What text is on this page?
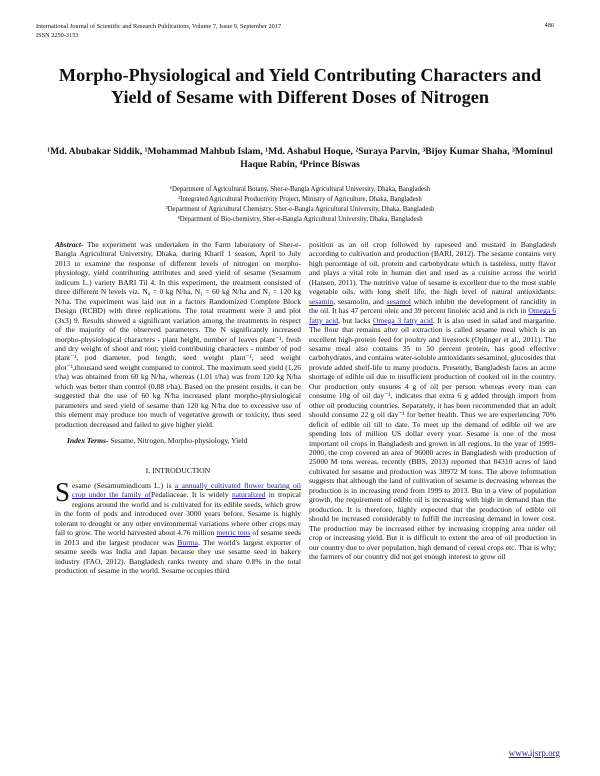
International Journal of Scientific and Research Publications, Volume 7, Issue 9, September 2017
ISSN 2250-3153
486
Morpho-Physiological and Yield Contributing Characters and Yield of Sesame with Different Doses of Nitrogen
¹Md. Abubakar Siddik, ¹Mohammad Mahbub Islam, ¹Md. Ashabul Hoque, ²Suraya Parvin, ³Bijoy Kumar Shaha, ³Mominul Haque Rabin, ⁴Prince Biswas
¹Department of Agricultural Botany, Sher-e-Bangla Agricultural University, Dhaka, Bangladesh
²Integrated Agricultural Productivity Project, Ministry of Agriculture, Dhaka, Bangladesh
³Department of Agricultural Chemistry, Sher-e-Bangla Agricultural University, Dhaka, Bangladesh
⁴Department of Bio-chemistry, Sher-e-Bangla Agricultural University, Dhaka, Bangladesh

Abstract- The experiment was undertaken in the Farm laboratory of Sher-e-Bangla Agricultural University, Dhaka, during Kharif 1 season, April to July 2013 to examine the response of different levels of nitrogen on morpho-physiology, yield contributing attributes and seed yield of sesame (Sesamum indicum L.) variety BARI Til 4. In this experiment, the treatment consisted of three different N levels viz. N₀ = 0 kg N/ha, N₁ = 60 kg N/ha and N₂ = 120 kg N/ha. The experiment was laid out in a factors Randomized Complete Block Design (RCBD) with three replications. The total treatment were 3 and plot (3x3) 9. Results showed a significant variation among the treatments in respect of the majority of the observed parameters. The N significantly increased morpho-physiological characters - plant height, number of leaves plant⁻¹, fresh and dry weight of shoot and root; yield contributing characters - number of pod plant⁻¹, pod diameter, pod length, seed weight plant⁻¹, seed weight plot⁻¹,thousand seed weight compared to control. The maximum seed yield (1.26 t/ha) was obtained from 60 kg N/ha, whereas (1.01 t/ha) was from 120 kg N/ha which was better than control (0.88 t/ha). Based on the present results, it can be suggested that the use of 60 kg N/ha increased plant morpho-physiological parameters and seed yield of sesame than 120 kg N/ha due to excessive use of this element may produce too much of vegetative growth or toxicity, thus seed production decreased and failed to give higher yield.

Index Terms- Sesame, Nitrogen, Morpho-physiology, Yield

I. INTRODUCTION

Sesame (Sesamumindicum L.) is a annually cultivated flower bearing oil crop under the family ofPedaliaceae. It is widely naturalized in tropical regions around the world and is cultivated for its edible seeds, which grow in the form of pods and introduced over 3000 years before. Sesame is highly tolerant to drought or any other environmental variations where other crops may fail to grow. The world harvested about 4.76 million metric tons of sesame seeds in 2013 and the largest producer was Burma. The world's largest exporter of sesame seeds was India and Japan because they use sesame seed in bakery industry (FAO, 2012). Bangladesh ranks twenty and share 0.8% in the total production of sesame in the world. Sesame occupies third

position as an oil crop followed by rapeseed and mustard in Bangladesh according to cultivation and production (BARI, 2012). The sesame contains very high percentage of oil, protein and carbohydrate which is tasteless, nutty flavor and plays a vital role in human diet and used as a cuisine across the world (Hansen, 2011). The nutritive value of sesame is excellent due to the most stable vegetable oils, with long shelf life, the high level of natural antioxidants: sesamin, sesamolin, and sesamol which inhibit the development of rancidity in the oil. It has 47 percent oleic and 39 percent linoleic acid and is rich in Omega 6 fatty acid, but lacks Omega 3 fatty acid. It is also used in salad and margarine. The flour that remains after oil extraction is called sesame meal which is an excellent high-protein feed for poultry and livestock (Oplinger et al., 2011). The sesame meal also contains 35 to 50 percent protein, has good effective carbohydrates, and contains water-soluble antioxidants sesaminol, glucosides that provide added shelf-life to many products. Presently, Bangladesh faces an acute shortage of edible oil due to insufficient production of cooked oil in the country. Our production only ensures 4 g of oil per person whereas every man can consume 10g of oil day⁻¹, indicates that extra 6 g added through import from other oil producing countries. Separately, it has been recommended that an adult should consume 22 g oil day⁻¹ for better health. Thus we are experiencing 70% deficit of edible oil till to date. To meet up the demand of edible oil we are spending lots of million US dollar every year. Sesame is one of the most important oil crops in Bangladesh and grown in all regions. In the year of 1999-2000, the crop covered an area of 96000 acres in Bangladesh with production of 25000 M tons wereas, recently (BBS, 2013) reported that 84310 acres of land cultivated for sesame and production was 30972 M tons. The above information suggests that although the land of cultivation of sesame is decreasing whereas the production is in increasing trend from 1999 to 2013. But in a view of population growth, the requirement of edible oil is increasing with high in demand than the production. It is therefore, highly expected that the production of edible oil should be increased considerably to fulfill the increasing demand in lower cost. The production may be increased either by increasing cropping area under oil crop or increasing yield. But it is difficult to extent the area of oil production in our country due to over population, high demand of cereal crops etc. That is why; the farmers of our country did not get enough interest to grow oil

www.ijsrp.org
